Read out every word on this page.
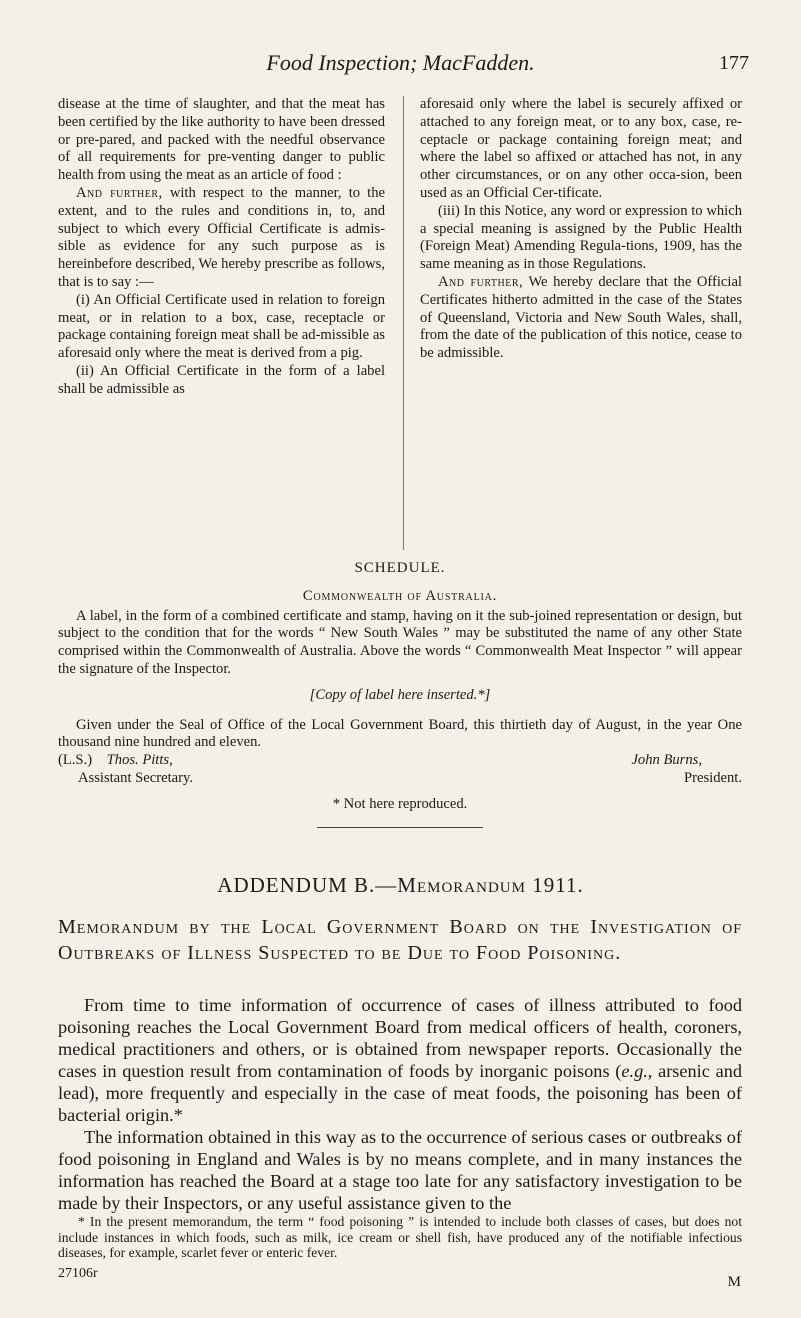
Food Inspection; MacFadden.	177

disease at the time of slaughter, and that the meat has been certified by the like authority to have been dressed or pre-pared, and packed with the needful observance of all requirements for pre-venting danger to public health from using the meat as an article of food :

And further, with respect to the manner, to the extent, and to the rules and conditions in, to, and subject to which every Official Certificate is admis-sible as evidence for any such purpose as is hereinbefore described, We hereby prescribe as follows, that is to say :—

(i) An Official Certificate used in relation to foreign meat, or in relation to a box, case, receptacle or package containing foreign meat shall be ad-missible as aforesaid only where the meat is derived from a pig.

(ii) An Official Certificate in the form of a label shall be admissible as

aforesaid only where the label is securely affixed or attached to any foreign meat, or to any box, case, re-ceptacle or package containing foreign meat; and where the label so affixed or attached has not, in any other circumstances, or on any other occa-sion, been used as an Official Cer-tificate.

(iii) In this Notice, any word or expression to which a special meaning is assigned by the Public Health (Foreign Meat) Amending Regula-tions, 1909, has the same meaning as in those Regulations.

And further, We hereby declare that the Official Certificates hitherto admitted in the case of the States of Queensland, Victoria and New South Wales, shall, from the date of the publication of this notice, cease to be admissible.

SCHEDULE.
Commonwealth of Australia.

A label, in the form of a combined certificate and stamp, having on it the sub-joined representation or design, but subject to the condition that for the words “ New South Wales ” may be substituted the name of any other State comprised within the Commonwealth of Australia. Above the words “ Commonwealth Meat Inspector ” will appear the signature of the Inspector.

[Copy of label here inserted.*]

Given under the Seal of Office of the Local Government Board, this thirtieth day of August, in the year One thousand nine hundred and eleven.

(L.S.) Thos. Pitts,	John Burns,
Assistant Secretary.	President.
* Not here reproduced.
ADDENDUM B.—Memorandum 1911.
Memorandum by the Local Government Board on the Investigation of Outbreaks of Illness Suspected to be Due to Food Poisoning.

From time to time information of occurrence of cases of illness attributed to food poisoning reaches the Local Government Board from medical officers of health, coroners, medical practitioners and others, or is obtained from newspaper reports. Occasionally the cases in question result from contamination of foods by inorganic poisons (e.g., arsenic and lead), more frequently and especially in the case of meat foods, the poisoning has been of bacterial origin.*

The information obtained in this way as to the occurrence of serious cases or outbreaks of food poisoning in England and Wales is by no means complete, and in many instances the information has reached the Board at a stage too late for any satisfactory investigation to be made by their Inspectors, or any useful assistance given to the

* In the present memorandum, the term “ food poisoning ” is intended to include both classes of cases, but does not include instances in which foods, such as milk, ice cream or shell fish, have produced any of the notifiable infectious diseases, for example, scarlet fever or enteric fever.
27106r
M
